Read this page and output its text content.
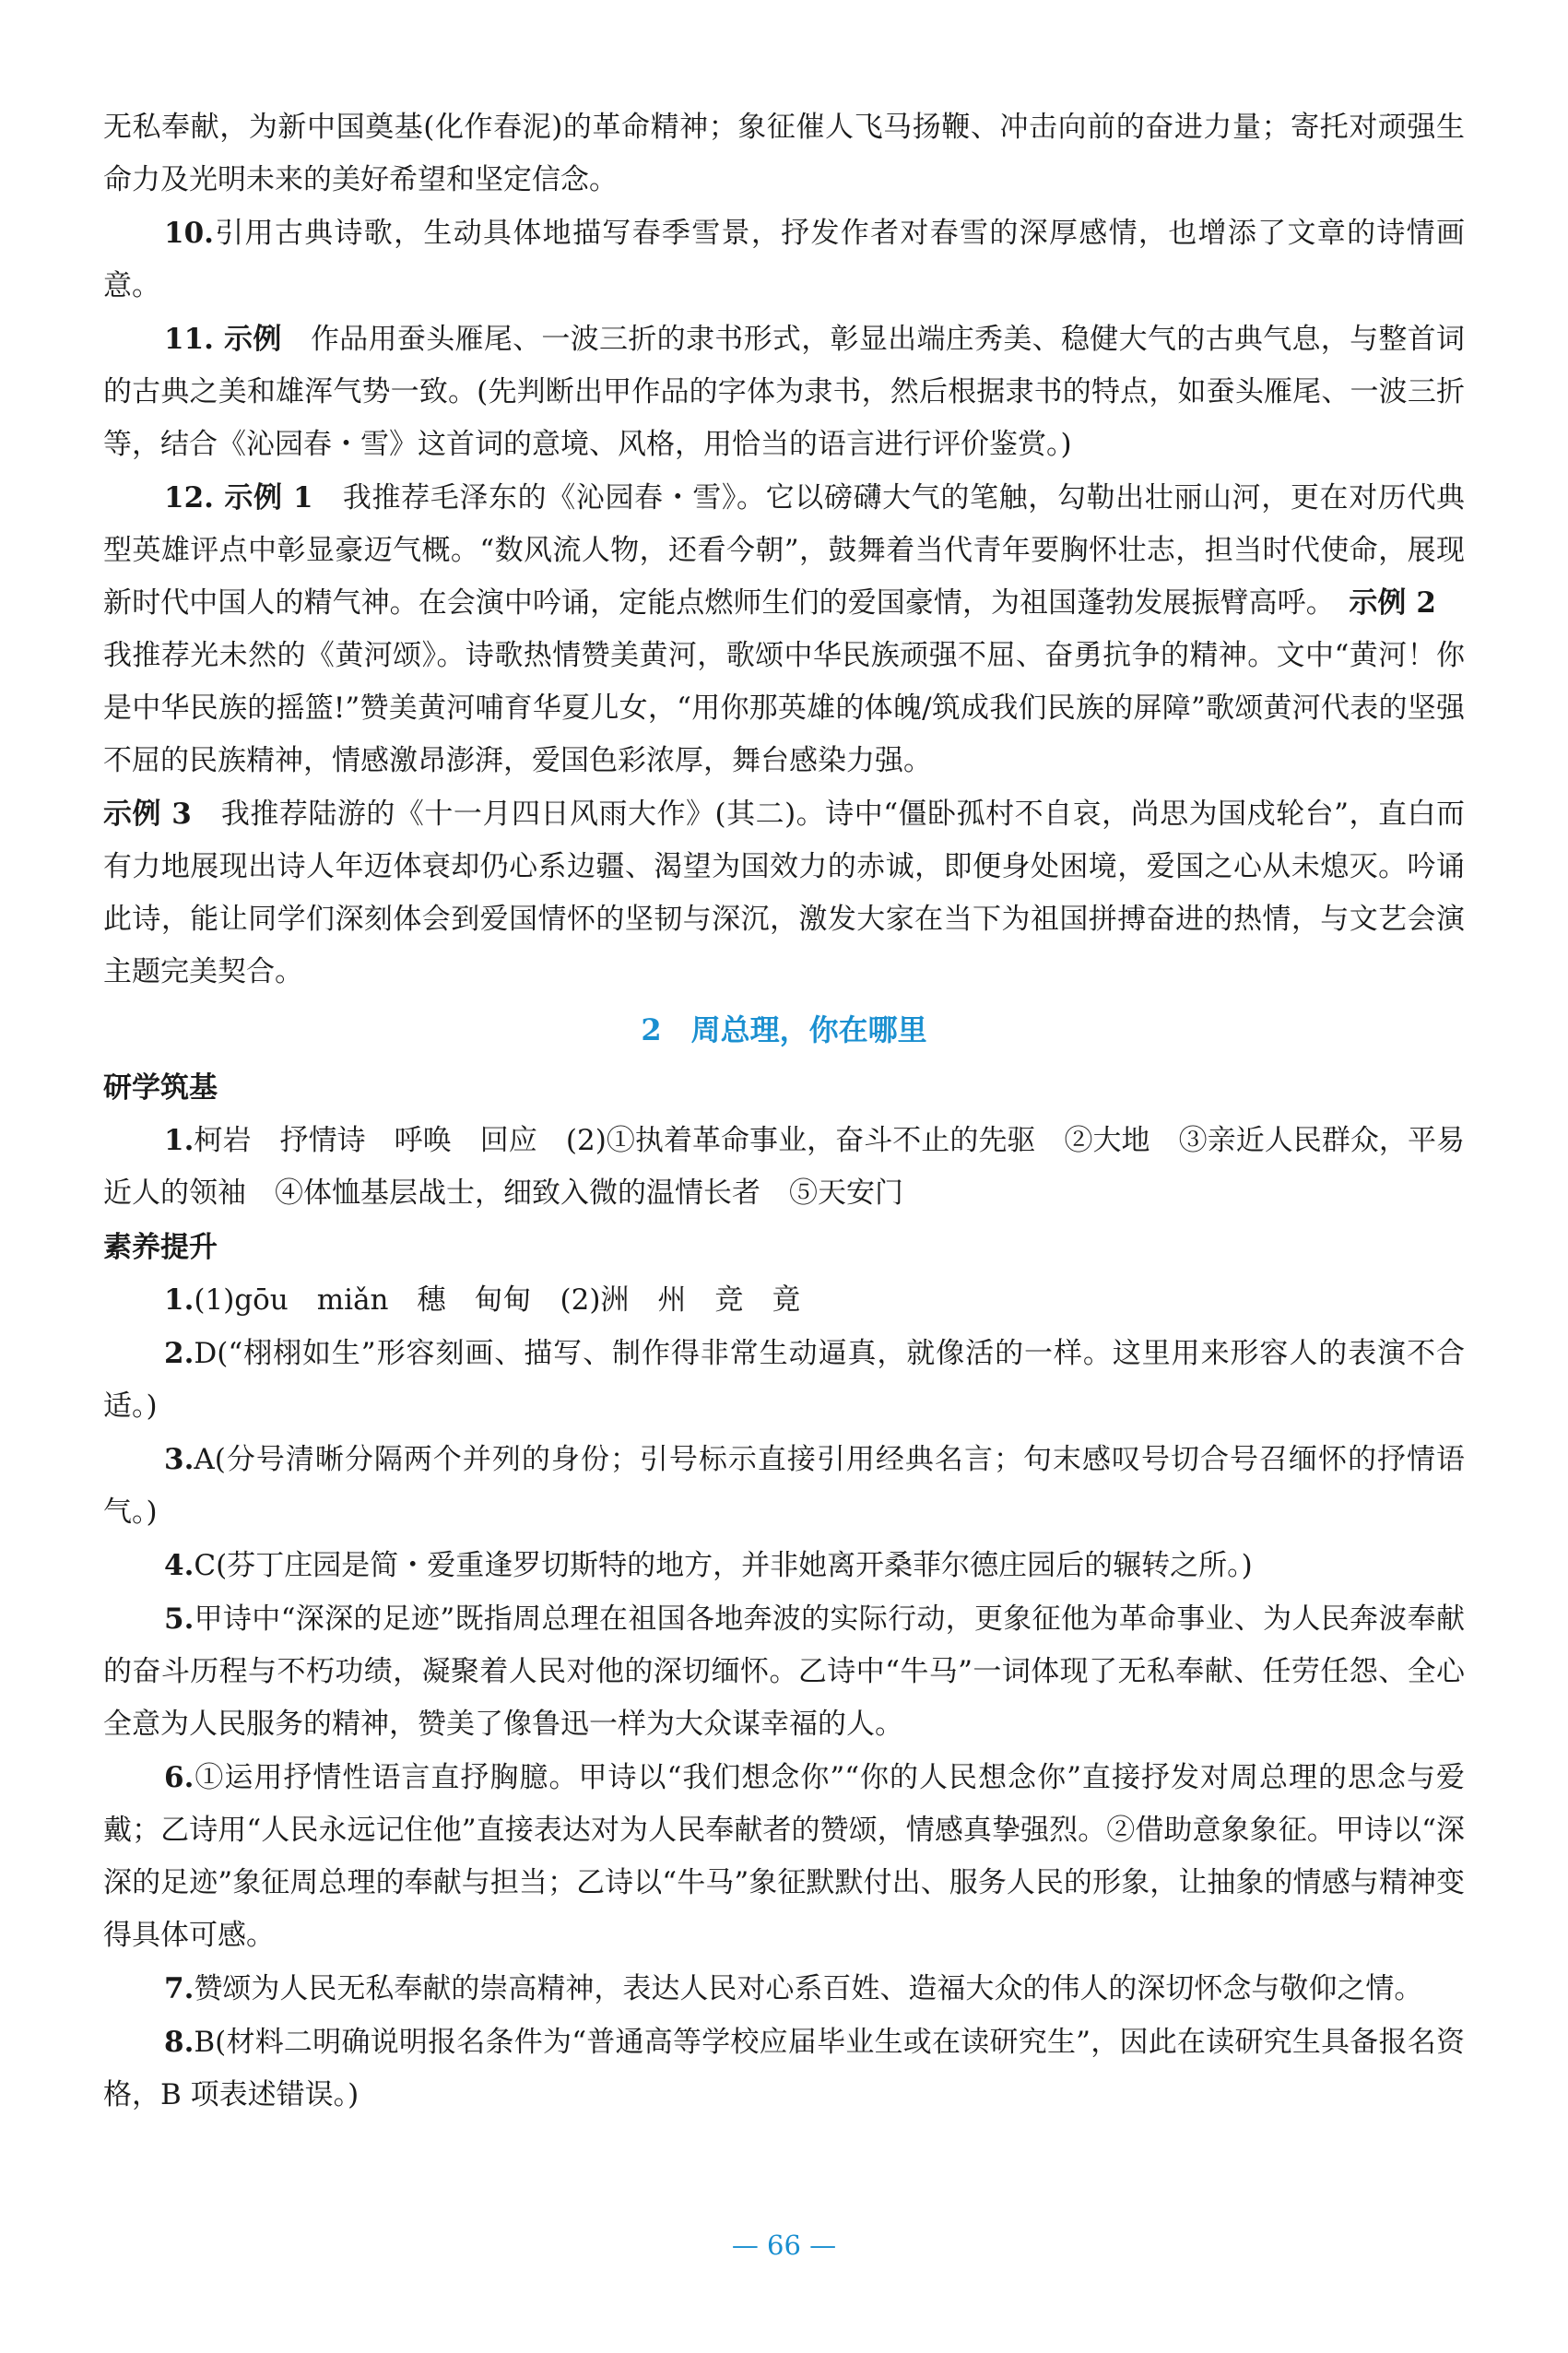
无私奉献，为新中国奠基(化作春泥)的革命精神；象征催人飞马扬鞭、冲击向前的奋进力量；寄托对顽强生命力及光明未来的美好希望和坚定信念。

10.引用古典诗歌，生动具体地描写春季雪景，抒发作者对春雪的深厚感情，也增添了文章的诗情画意。

11. 示例　作品用蚕头雁尾、一波三折的隶书形式，彰显出端庄秀美、稳健大气的古典气息，与整首词的古典之美和雄浑气势一致。(先判断出甲作品的字体为隶书，然后根据隶书的特点，如蚕头雁尾、一波三折等，结合《沁园春・雪》这首词的意境、风格，用恰当的语言进行评价鉴赏。)

12. 示例 1　我推荐毛泽东的《沁园春・雪》。它以磅礴大气的笔触，勾勒出壮丽山河，更在对历代典型英雄评点中彰显豪迈气概。“数风流人物，还看今朝”，鼓舞着当代青年要胸怀壮志，担当时代使命，展现新时代中国人的精气神。在会演中吟诵，定能点燃师生们的爱国豪情，为祖国蓬勃发展振臂高呼。　示例 2　我推荐光未然的《黄河颂》。诗歌热情赞美黄河，歌颂中华民族顽强不屈、奋勇抗争的精神。文中“黄河！你是中华民族的摇篮!”赞美黄河哺育华夏儿女，“用你那英雄的体魄/筑成我们民族的屏障”歌颂黄河代表的坚强不屈的民族精神，情感激昂澎湃，爱国色彩浓厚，舞台感染力强。

示例 3　我推荐陆游的《十一月四日风雨大作》(其二)。诗中“僵卧孤村不自哀，尚思为国戍轮台”，直白而有力地展现出诗人年迈体衰却仍心系边疆、渴望为国效力的赤诚，即便身处困境，爱国之心从未熄灭。吟诵此诗，能让同学们深刻体会到爱国情怀的坚韧与深沉，激发大家在当下为祖国拼搏奋进的热情，与文艺会演主题完美契合。

2　周总理，你在哪里
研学筑基

1.柯岩　抒情诗　呼唤　回应　(2)①执着革命事业，奋斗不止的先驱　②大地　③亲近人民群众，平易近人的领袖　④体恤基层战士，细致入微的温情长者　⑤天安门

素养提升

1.(1)gōu　miǎn　穗　甸甸　(2)洲　州　竞　竟

2.D(“栩栩如生”形容刻画、描写、制作得非常生动逼真，就像活的一样。这里用来形容人的表演不合适。)

3.A(分号清晰分隔两个并列的身份；引号标示直接引用经典名言；句末感叹号切合号召缅怀的抒情语气。)

4.C(芬丁庄园是简・爱重逢罗切斯特的地方，并非她离开桑菲尔德庄园后的辗转之所。)

5.甲诗中“深深的足迹”既指周总理在祖国各地奔波的实际行动，更象征他为革命事业、为人民奔波奉献的奋斗历程与不朽功绩，凝聚着人民对他的深切缅怀。乙诗中“牛马”一词体现了无私奉献、任劳任怨、全心全意为人民服务的精神，赞美了像鲁迅一样为大众谋幸福的人。

6.①运用抒情性语言直抒胸臆。甲诗以“我们想念你”“你的人民想念你”直接抒发对周总理的思念与爱戴；乙诗用“人民永远记住他”直接表达对为人民奉献者的赞颂，情感真挚强烈。②借助意象象征。甲诗以“深深的足迹”象征周总理的奉献与担当；乙诗以“牛马”象征默默付出、服务人民的形象，让抽象的情感与精神变得具体可感。

7.赞颂为人民无私奉献的崇高精神，表达人民对心系百姓、造福大众的伟人的深切怀念与敬仰之情。

8.B(材料二明确说明报名条件为“普通高等学校应届毕业生或在读研究生”，因此在读研究生具备报名资格，B 项表述错误。)

— 66 —
